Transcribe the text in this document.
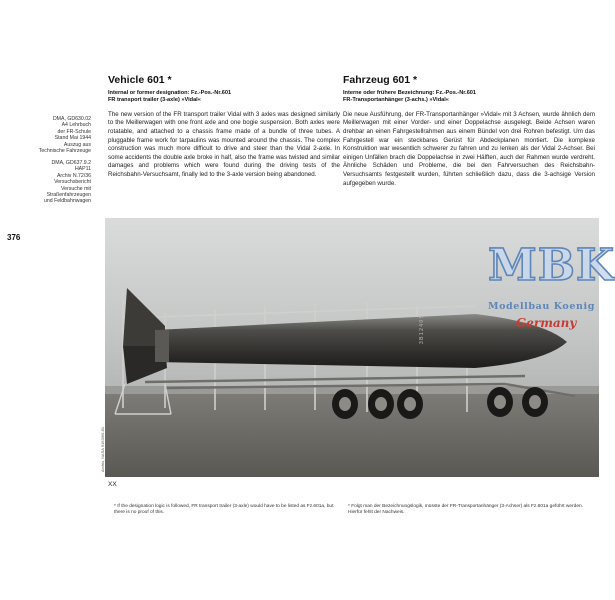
376
DMA, GD630.02
A4 Lehrbuch
der FR-Schule
Stand Mai 1944
Auszug aus
Technische Fahrzeuge
DMA, GD637.9.2
HAP11
Archiv N.72/36
Versuchsbericht
Versuche mit
Straßenfahrzeugen
und Feldbahnwagen
Vehicle 601 *
Internal or former designation: Fz.-Pos.-Nr.601
FR transport trailer (3-axle) »Vidal«
The new version of the FR transport trailer Vidal with 3 axles was designed similarly to the Meillerwagen with one front axle and one bogie suspension. Both axles were rotatable, and attached to a chassis frame made of a bundle of three tubes. A pluggable frame work for tarpaulins was mounted around the chassis. The complex construction was much more difficult to drive and steer than the Vidal 2-axle. In some accidents the double axle broke in half, also the frame was twisted and similar damages and problems which were found during the driving tests of the Reichsbahn-Versuchsamt, finally led to the 3-axle version being abandoned.
Fahrzeug 601 *
Interne oder frühere Bezeichnung: Fz.-Pos.-Nr.601
FR-Transportanhänger (3-achs.) »Vidal«
Die neue Ausführung, der FR-Transportanhänger »Vidal« mit 3 Achsen, wurde ähnlich dem Meillerwagen mit einer Vorder- und einer Doppelachse ausgelegt. Beide Achsen waren drehbar an einen Fahrgestellrahmen aus einem Bündel von drei Rohren befestigt. Um das Fahrgestell war ein steckbares Gerüst für Abdeckplanen montiert. Die komplexe Konstruktion war wesentlich schwerer zu fahren und zu lenken als der Vidal 2-Achser. Bei einigen Unfällen brach die Doppelachse in zwei Hälften, auch der Rahmen wurde verdreht. Ähnliche Schäden und Probleme, die bei den Fahrversuchen des Reichsbahn-Versuchsamts festgestellt wurden, führten schließlich dazu, dass die 3-achsige Version aufgegeben wurde.
3 B 1 2 4 0 5
Archiv, NASA 9163/60-81
XX
* If the designation logic is followed, FR transport trailer (3-axle) would have to be listed as Fz.601a, but there is no proof of this.
* Folgt man der Bezeichnungslogik, müsste der FR-Transportanhänger (3-Achser) als Fz.601a geführt werden. Hierfür fehlt der Nachweis.
MBK
Modellbau Koenig
Germany
